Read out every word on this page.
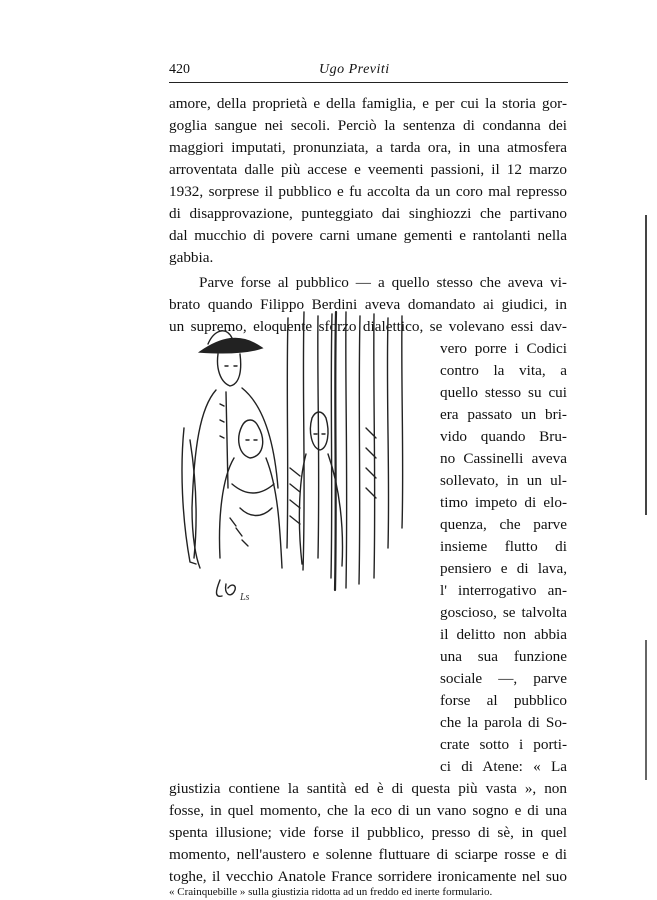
420	Ugo Previti
amore, della proprietà e della famiglia, e per cui la storia gor-
goglia sangue nei secoli. Perciò la sentenza di condanna dei
maggiori imputati, pronunziata, a tarda ora, in una atmosfera
arroventata dalle più accese e veementi passioni, il 12 marzo
1932, sorprese il pubblico e fu accolta da un coro mal represso
di disapprovazione, punteggiato dai singhiozzi che partivano
dal mucchio di povere carni umane gementi e rantolanti nella
gabbia.
Parve forse al pubblico — a quello stesso che aveva vi-
brato quando Filippo Berdini aveva domandato ai giudici, in
un supremo, eloquente sforzo dialettico, se volevano essi dav-
vero porre i Codici
contro la vita, a
quello stesso su cui
era passato un bri-
vido quando Bru-
no Cassinelli aveva
sollevato, in un ul-
timo impeto di elo-
quenza, che parve
insieme flutto di
pensiero e di lava,
l' interrogativo an-
goscioso, se talvolta
il delitto non abbia
una sua funzione
sociale —, parve
forse al pubblico
che la parola di So-
crate sotto i porti-
ci di Atene: « La
giustizia contiene la santità ed è di questa più vasta », non
fosse, in quel momento, che la eco di un vano sogno e di una
spenta illusione; vide forse il pubblico, presso di sè, in quel
momento, nell'austero e solenne fluttuare di sciarpe rosse e di
toghe, il vecchio Anatole France sorridere ironicamente nel suo
Ls
« Crainquebille » sulla giustizia ridotta ad un freddo ed inerte formulario.
